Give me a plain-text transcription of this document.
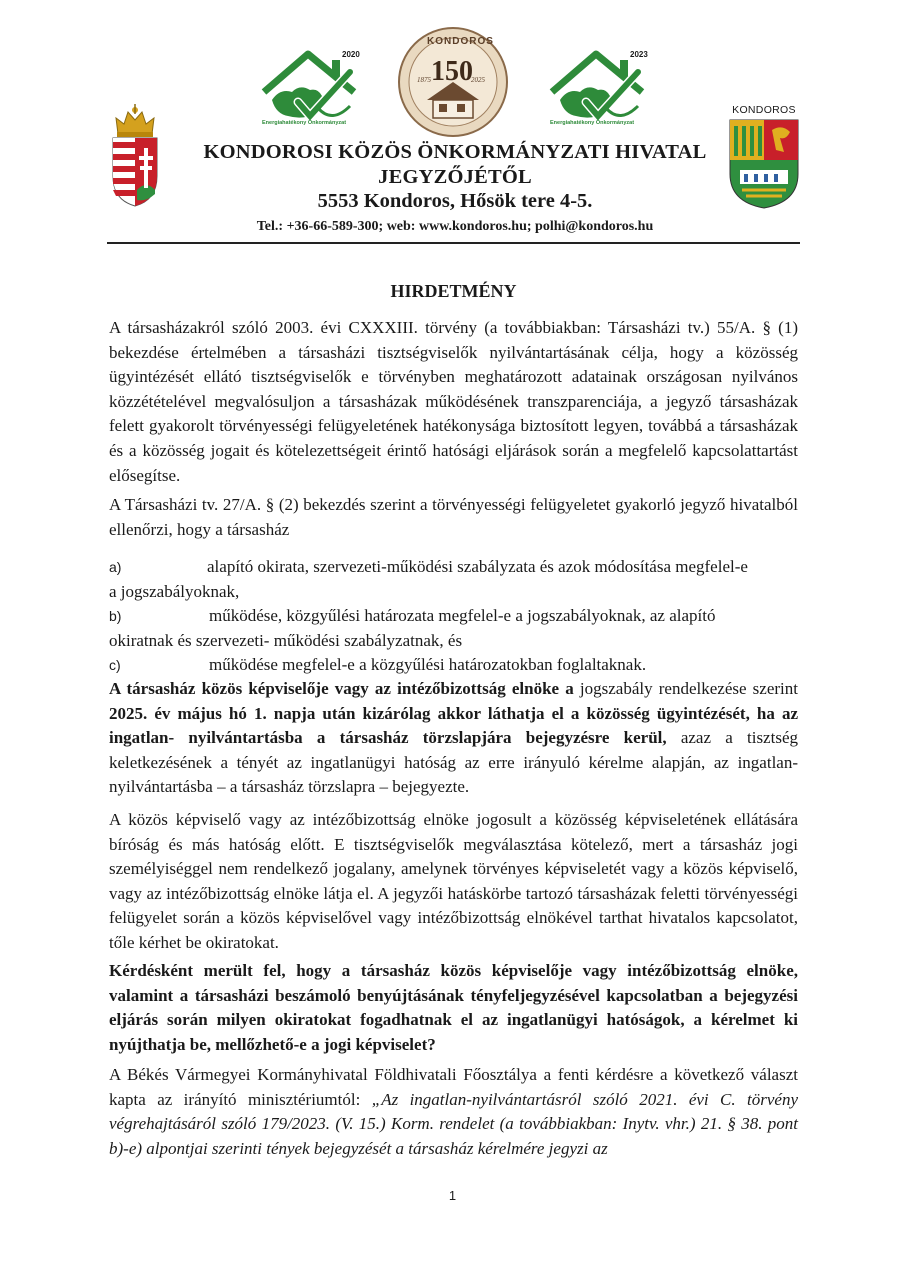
2020
Energiahatékony Önkormányzat
KONDOROS
150
1875	2025
2023
Energiahatékony Önkormányzat
KONDOROS
KONDOROSI KÖZÖS ÖNKORMÁNYZATI HIVATAL
JEGYZŐJÉTŐL
5553 Kondoros, Hősök tere 4-5.
Tel.: +36-66-589-300; web: www.kondoros.hu; polhi@kondoros.hu
HIRDETMÉNY

A társasházakról szóló 2003. évi CXXXIII. törvény (a továbbiakban: Társasházi tv.) 55/A. § (1) bekezdése értelmében a társasházi tisztségviselők nyilvántartásának célja, hogy a közösség ügyintézését ellátó tisztségviselők e törvényben meghatározott adatainak országosan nyilvános közzétételével megvalósuljon a társasházak működésének transzparenciája, a jegyző társasházak felett gyakorolt törvényességi felügyeletének hatékonysága biztosított legyen, továbbá a társasházak és a közösség jogait és kötelezettségeit érintő hatósági eljárások során a megfelelő kapcsolattartást elősegítse.

A Társasházi tv. 27/A. § (2) bekezdés szerint a törvényességi felügyeletet gyakorló jegyző hivatalból ellenőrzi, hogy a társasház

a)	alapító okirata, szervezeti-működési szabályzata és azok módosítása megfelel-e
a jogszabályoknak,
b)	működése, közgyűlési határozata megfelel-e a jogszabályoknak, az alapító
okiratnak és szervezeti- működési szabályzatnak, és
c)	működése megfelel-e a közgyűlési határozatokban foglaltaknak.

A társasház közös képviselője vagy az intézőbizottság elnöke a jogszabály rendelkezése szerint 2025. év május hó 1. napja után kizárólag akkor láthatja el a közösség ügyintézését, ha az ingatlan- nyilvántartásba a társasház törzslapjára bejegyzésre kerül, azaz a tisztség keletkezésének a tényét az ingatlanügyi hatóság az erre irányuló kérelme alapján, az ingatlan-nyilvántartásba – a társasház törzslapra – bejegyezte.

A közös képviselő vagy az intézőbizottság elnöke jogosult a közösség képviseletének ellátására bíróság és más hatóság előtt. E tisztségviselők megválasztása kötelező, mert a társasház jogi személyiséggel nem rendelkező jogalany, amelynek törvényes képviseletét vagy a közös képviselő, vagy az intézőbizottság elnöke látja el. A jegyzői hatáskörbe tartozó társasházak feletti törvényességi felügyelet során a közös képviselővel vagy intézőbizottság elnökével tarthat hivatalos kapcsolatot, tőle kérhet be okiratokat.

Kérdésként merült fel, hogy a társasház közös képviselője vagy intézőbizottság elnöke, valamint a társasházi beszámoló benyújtásának tényfeljegyzésével kapcsolatban a bejegyzési eljárás során milyen okiratokat fogadhatnak el az ingatlanügyi hatóságok, a kérelmet ki nyújthatja be, mellőzhető-e a jogi képviselet?

A Békés Vármegyei Kormányhivatal Földhivatali Főosztálya a fenti kérdésre a következő választ kapta az irányító minisztériumtól: „Az ingatlan-nyilvántartásról szóló 2021. évi C. törvény végrehajtásáról szóló 179/2023. (V. 15.) Korm. rendelet (a továbbiakban: Inytv. vhr.) 21. § 38. pont b)-e) alpontjai szerinti tények bejegyzését a társasház kérelmére jegyzi az

1
